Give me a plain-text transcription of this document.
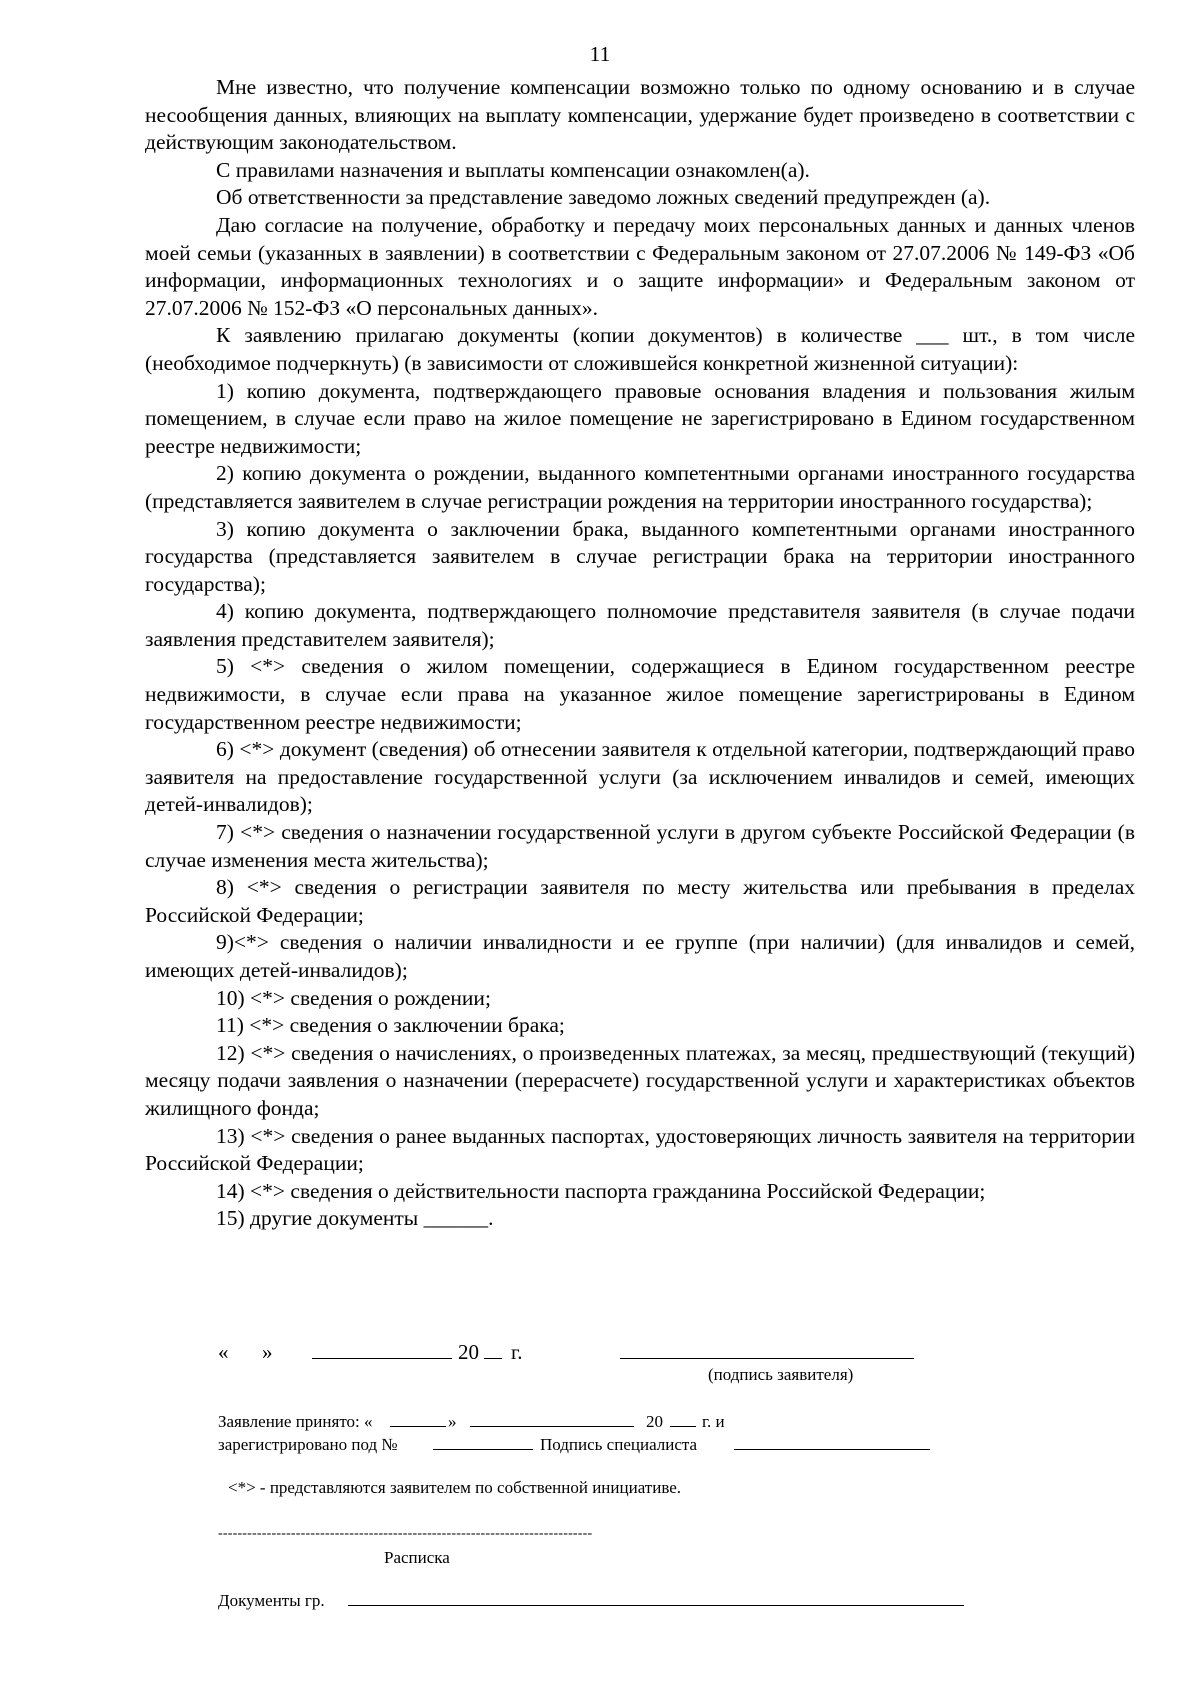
11

Мне известно, что получение компенсации возможно только по одному основанию и в случае несообщения данных, влияющих на выплату компенсации, удержание будет произведено в соответствии с действующим законодательством.

С правилами назначения и выплаты компенсации ознакомлен(а).

Об ответственности за представление заведомо ложных сведений предупрежден (а).

Даю согласие на получение, обработку и передачу моих персональных данных и данных членов моей семьи (указанных в заявлении) в соответствии с Федеральным законом от 27.07.2006 № 149-ФЗ «Об информации, информационных технологиях и о защите информации» и Федеральным законом от 27.07.2006 № 152-ФЗ «О персональных данных».

К заявлению прилагаю документы (копии документов) в количестве ___ шт., в том числе (необходимое подчеркнуть) (в зависимости от сложившейся конкретной жизненной ситуации):

1) копию документа, подтверждающего правовые основания владения и пользования жилым помещением, в случае если право на жилое помещение не зарегистрировано в Едином государственном реестре недвижимости;

2) копию документа о рождении, выданного компетентными органами иностранного государства (представляется заявителем в случае регистрации рождения на территории иностранного государства);

3) копию документа о заключении брака, выданного компетентными органами иностранного государства (представляется заявителем в случае регистрации брака на территории иностранного государства);

4) копию документа, подтверждающего полномочие представителя заявителя (в случае подачи заявления представителем заявителя);

5) <*> сведения о жилом помещении, содержащиеся в Едином государственном реестре недвижимости, в случае если права на указанное жилое помещение зарегистрированы в Едином государственном реестре недвижимости;

6) <*> документ (сведения) об отнесении заявителя к отдельной категории, подтверждающий право заявителя на предоставление государственной услуги (за исключением инвалидов и семей, имеющих детей-инвалидов);

7) <*> сведения о назначении государственной услуги в другом субъекте Российской Федерации (в случае изменения места жительства);

8) <*> сведения о регистрации заявителя по месту жительства или пребывания в пределах Российской Федерации;

9)<*> сведения о наличии инвалидности и ее группе (при наличии) (для инвалидов и семей, имеющих детей-инвалидов);

10) <*> сведения о рождении;

11) <*> сведения о заключении брака;

12) <*> сведения о начислениях, о произведенных платежах, за месяц, предшествующий (текущий) месяцу подачи заявления о назначении (перерасчете) государственной услуги и характеристиках объектов жилищного фонда;

13) <*> сведения о ранее выданных паспортах, удостоверяющих личность заявителя на территории Российской Федерации;

14) <*> сведения о действительности паспорта гражданина Российской Федерации;

15) другие документы ______.

« »	20 г.
(подпись заявителя)
Заявление принято: «	»	20 г. и
зарегистрировано под №	Подпись специалиста
<*> - представляются заявителем по собственной инициативе.
-----------------------------------------------------------------------------
Расписка
Документы гр.
